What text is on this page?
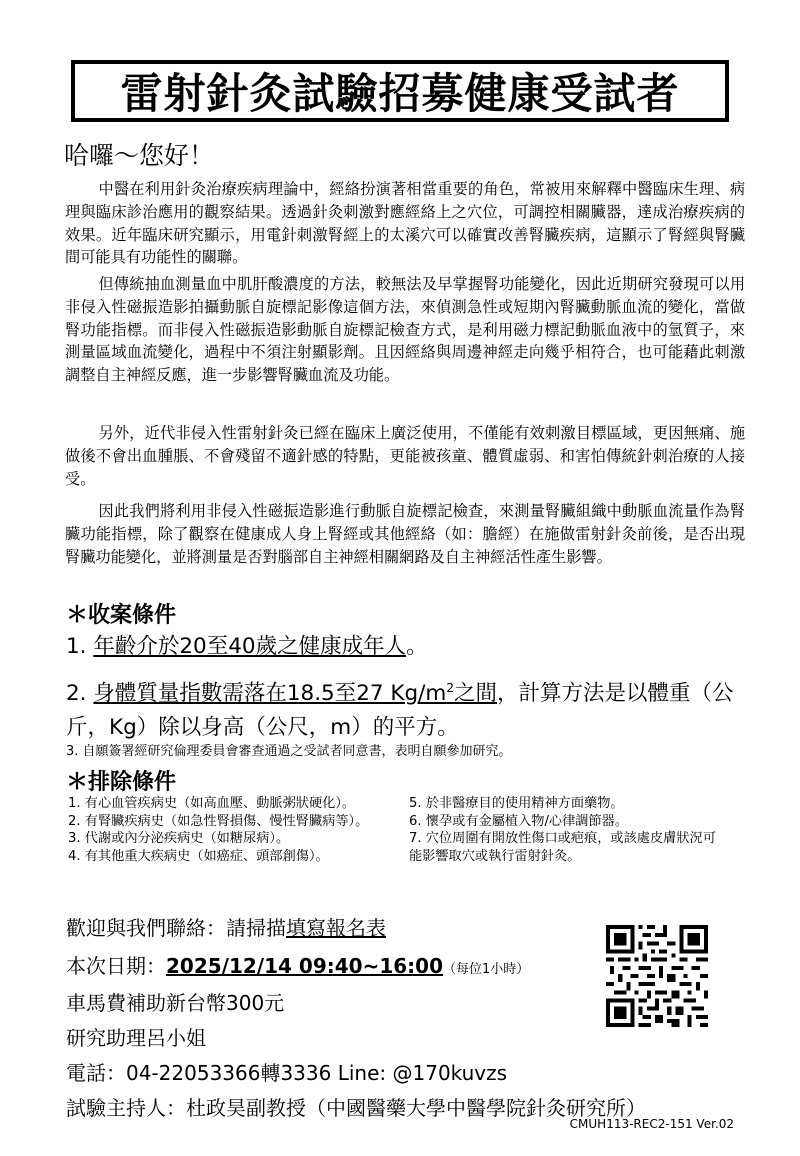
雷射針灸試驗招募健康受試者
哈囉～您好！

中醫在利用針灸治療疾病理論中，經絡扮演著相當重要的角色，常被用來解釋中醫臨床生理、病理與臨床診治應用的觀察結果。透過針灸刺激對應經絡上之穴位，可調控相關臟器，達成治療疾病的效果。近年臨床研究顯示，用電針刺激腎經上的太溪穴可以確實改善腎臟疾病，這顯示了腎經與腎臟間可能具有功能性的關聯。

但傳統抽血測量血中肌肝酸濃度的方法，較無法及早掌握腎功能變化，因此近期研究發現可以用非侵入性磁振造影拍攝動脈自旋標記影像這個方法，來偵測急性或短期內腎臟動脈血流的變化，當做腎功能指標。而非侵入性磁振造影動脈自旋標記檢查方式，是利用磁力標記動脈血液中的氫質子，來測量區域血流變化，過程中不須注射顯影劑。且因經絡與周邊神經走向幾乎相符合，也可能藉此刺激調整自主神經反應，進一步影響腎臟血流及功能。

另外，近代非侵入性雷射針灸已經在臨床上廣泛使用，不僅能有效刺激目標區域，更因無痛、施做後不會出血腫脹、不會殘留不適針感的特點，更能被孩童、體質虛弱、和害怕傳統針刺治療的人接受。

因此我們將利用非侵入性磁振造影進行動脈自旋標記檢查，來測量腎臟組織中動脈血流量作為腎臟功能指標，除了觀察在健康成人身上腎經或其他經絡（如：膽經）在施做雷射針灸前後，是否出現腎臟功能變化，並將測量是否對腦部自主神經相關網路及自主神經活性產生影響。

＊收案條件
1. 年齡介於20至40歲之健康成年人。
2. 身體質量指數需落在18.5至27 $Kg/m^2$之間，計算方法是以體重（公斤，Kg）除以身高（公尺，m）的平方。
3. 自願簽署經研究倫理委員會審查通過之受試者同意書，表明自願參加研究。
＊排除條件
1. 有心血管疾病史（如高血壓、動脈粥狀硬化）。
2. 有腎臟疾病史（如急性腎損傷、慢性腎臟病等）。
3. 代謝或內分泌疾病史（如糖尿病）。
4. 有其他重大疾病史（如癌症、頭部創傷）。
5. 於非醫療目的使用精神方面藥物。
6. 懷孕或有金屬植入物/心律調節器。
7. 穴位周圍有開放性傷口或疤痕，或該處皮膚狀況可能影響取穴或執行雷射針灸。
歡迎與我們聯絡：請掃描填寫報名表
本次日期：2025/12/14 09:40~16:00（每位1小時）
車馬費補助新台幣300元
研究助理呂小姐
電話：04-22053366轉3336 Line: @170kuvzs
試驗主持人：杜政昊副教授（中國醫藥大學中醫學院針灸研究所）
CMUH113-REC2-151 Ver.02
